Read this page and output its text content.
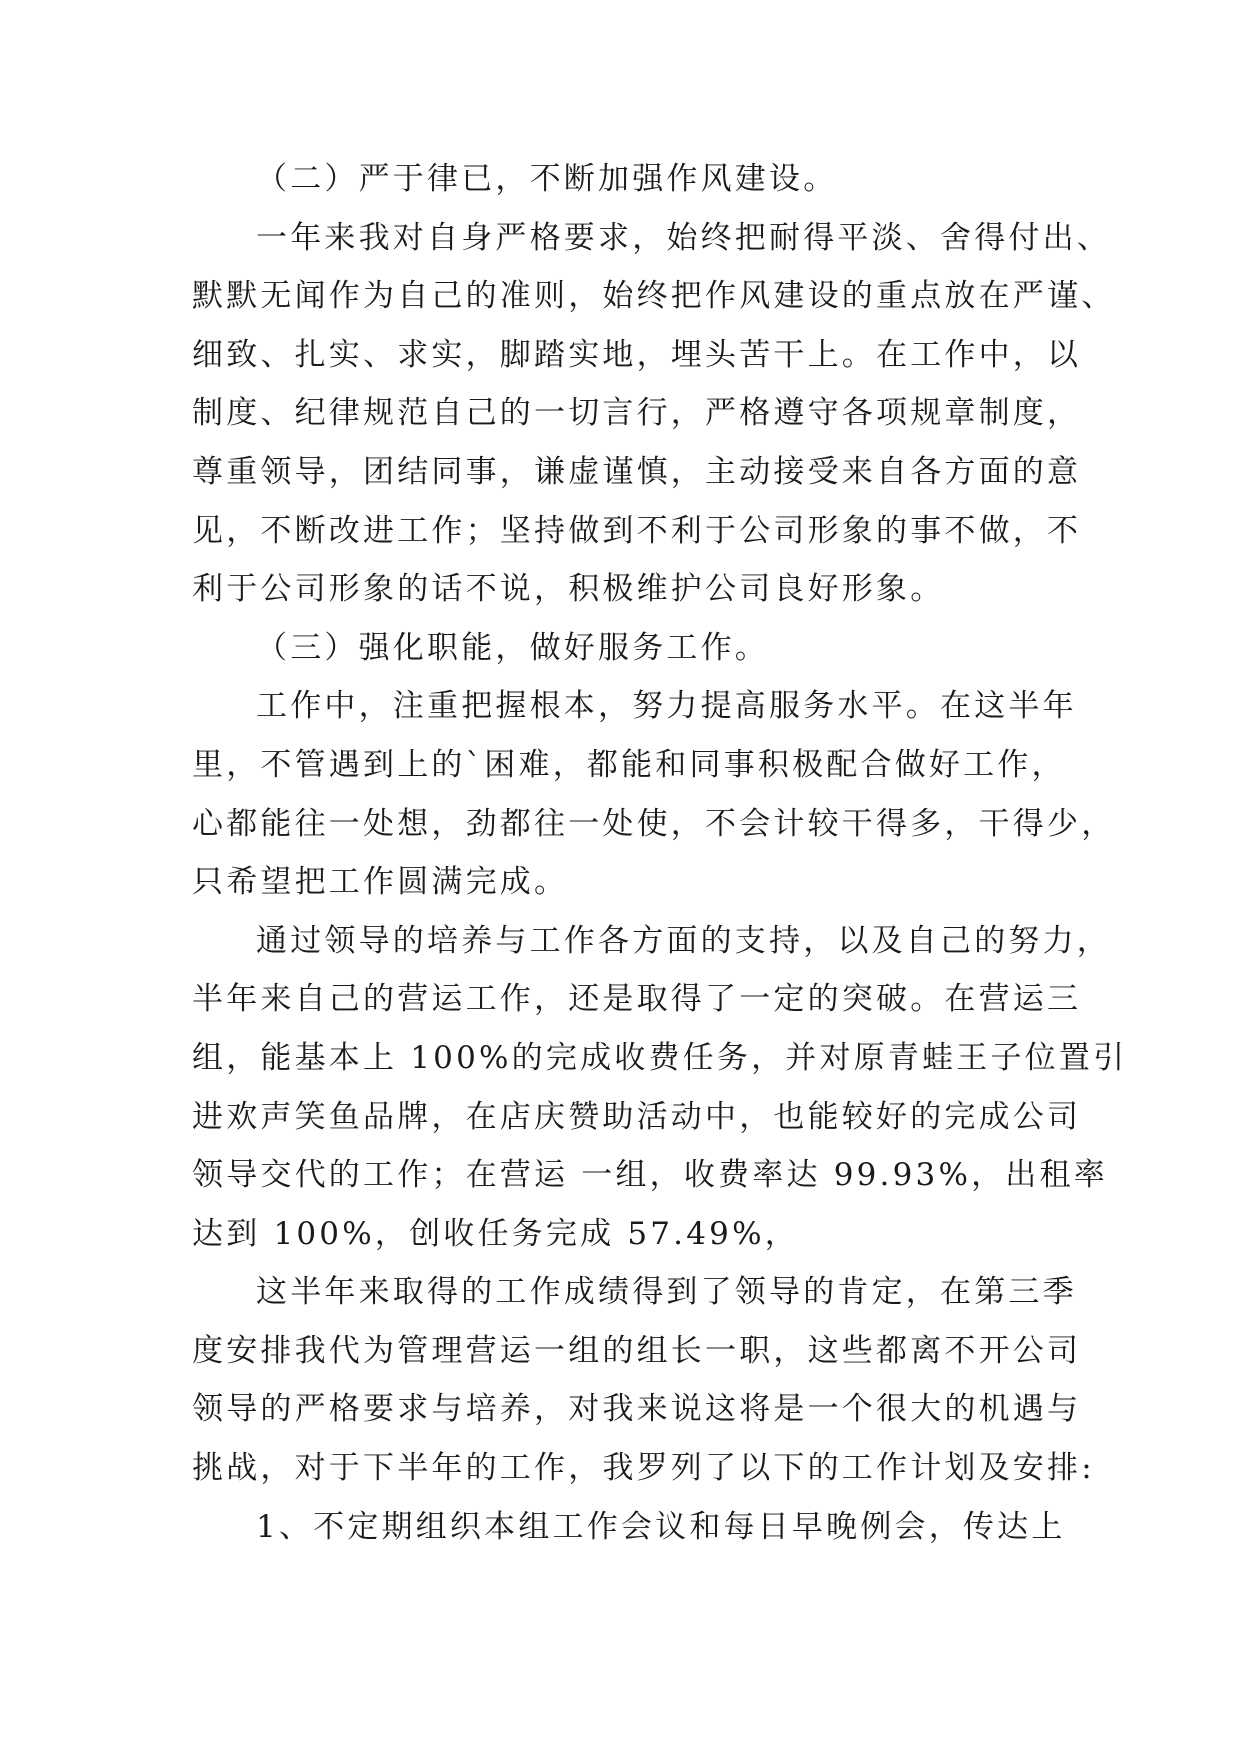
（二）严于律已，不断加强作风建设。
一年来我对自身严格要求，始终把耐得平淡、舍得付出、
默默无闻作为自己的准则，始终把作风建设的重点放在严谨、
细致、扎实、求实，脚踏实地，埋头苦干上。在工作中，以
制度、纪律规范自己的一切言行，严格遵守各项规章制度，
尊重领导，团结同事，谦虚谨慎，主动接受来自各方面的意
见，不断改进工作；坚持做到不利于公司形象的事不做，不
利于公司形象的话不说，积极维护公司良好形象。
（三）强化职能，做好服务工作。
工作中，注重把握根本，努力提高服务水平。在这半年
里，不管遇到上的`困难，都能和同事积极配合做好工作，
心都能往一处想，劲都往一处使，不会计较干得多，干得少，
只希望把工作圆满完成。
通过领导的培养与工作各方面的支持，以及自己的努力，
半年来自己的营运工作，还是取得了一定的突破。在营运三
组，能基本上 100%的完成收费任务，并对原青蛙王子位置引
进欢声笑鱼品牌，在店庆赞助活动中，也能较好的完成公司
领导交代的工作；在营运 一组，收费率达 99.93%，出租率
达到 100%，创收任务完成 57.49%，
这半年来取得的工作成绩得到了领导的肯定，在第三季
度安排我代为管理营运一组的组长一职，这些都离不开公司
领导的严格要求与培养，对我来说这将是一个很大的机遇与
挑战，对于下半年的工作，我罗列了以下的工作计划及安排:
1、不定期组织本组工作会议和每日早晚例会，传达上
